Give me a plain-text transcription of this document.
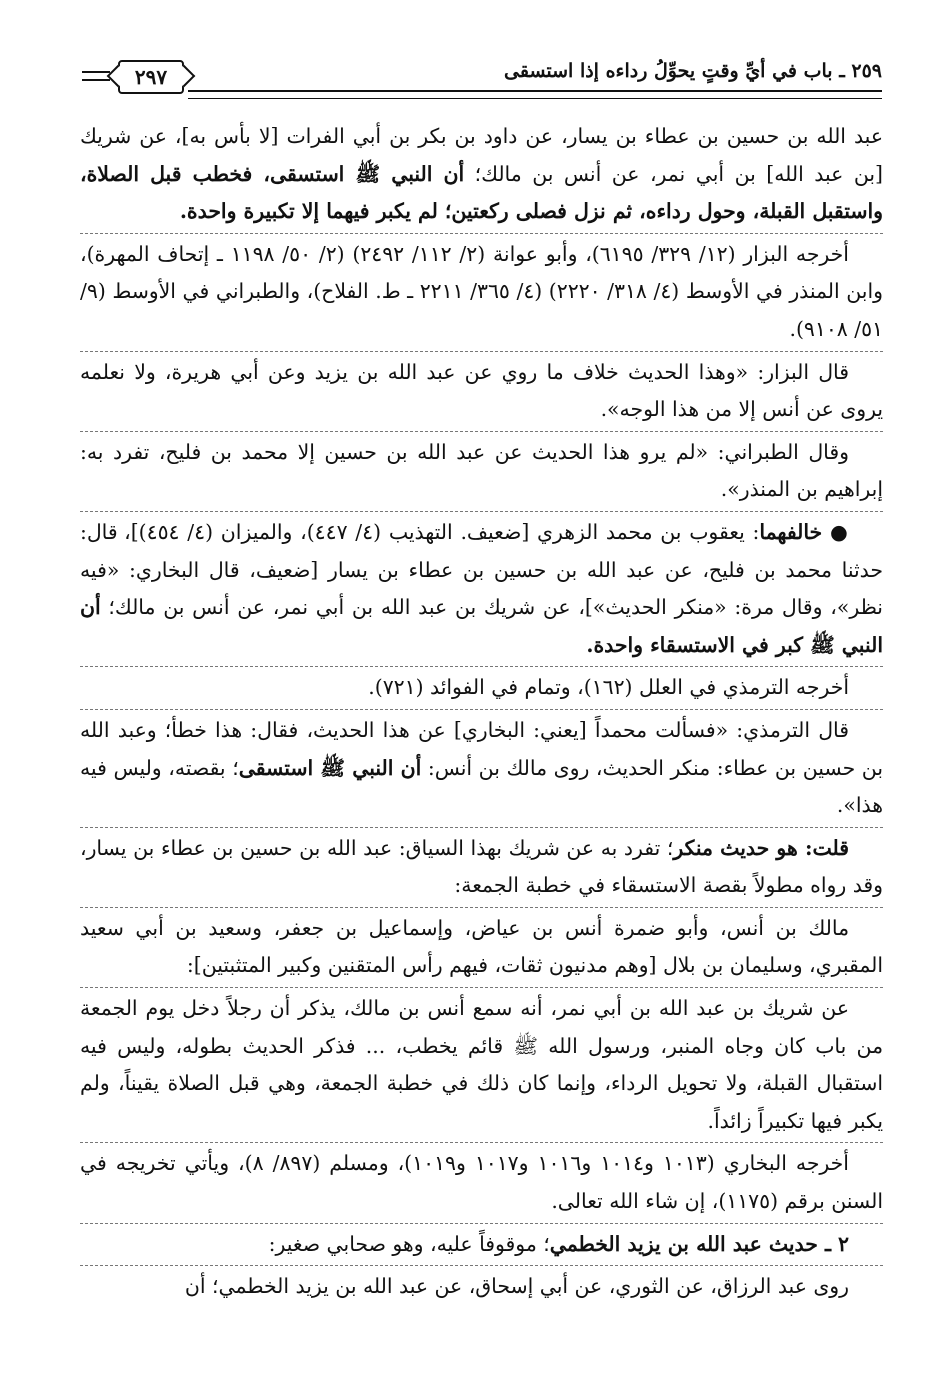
٢٩٧	٢٥٩ ـ باب في أيِّ وقتٍ يحوِّلُ رداءه إذا استسقى

عبد الله بن حسين بن عطاء بن يسار، عن داود بن بكر بن أبي الفرات [لا بأس به]، عن شريك [بن عبد الله] بن أبي نمر، عن أنس بن مالك؛ أن النبي ﷺ استسقى، فخطب قبل الصلاة، واستقبل القبلة، وحول رداءه، ثم نزل فصلى ركعتين؛ لم يكبر فيهما إلا تكبيرة واحدة.

أخرجه البزار (١٢/ ٣٢٩/ ٦١٩٥)، وأبو عوانة (٢/ ١١٢/ ٢٤٩٢) (٢/ ٥٠/ ١١٩٨ ـ إتحاف المهرة)، وابن المنذر في الأوسط (٤/ ٣١٨/ ٢٢٢٠) (٤/ ٣٦٥/ ٢٢١١ ـ ط. الفلاح)، والطبراني في الأوسط (٩/ ٥١/ ٩١٠٨).

قال البزار: «وهذا الحديث خلاف ما روي عن عبد الله بن يزيد وعن أبي هريرة، ولا نعلمه يروى عن أنس إلا من هذا الوجه».

وقال الطبراني: «لم يرو هذا الحديث عن عبد الله بن حسين إلا محمد بن فليح، تفرد به: إبراهيم بن المنذر».

● خالفهما: يعقوب بن محمد الزهري [ضعيف. التهذيب (٤/ ٤٤٧)، والميزان (٤/ ٤٥٤)]، قال: حدثنا محمد بن فليح، عن عبد الله بن حسين بن عطاء بن يسار [ضعيف، قال البخاري: «فيه نظر»، وقال مرة: «منكر الحديث»]، عن شريك بن عبد الله بن أبي نمر، عن أنس بن مالك؛ أن النبي ﷺ كبر في الاستسقاء واحدة.

أخرجه الترمذي في العلل (١٦٢)، وتمام في الفوائد (٧٢١).

قال الترمذي: «فسألت محمداً [يعني: البخاري] عن هذا الحديث، فقال: هذا خطأ؛ وعبد الله بن حسين بن عطاء: منكر الحديث، روى مالك بن أنس: أن النبي ﷺ استسقى؛ بقصته، وليس فيه هذا».

قلت: هو حديث منكر؛ تفرد به عن شريك بهذا السياق: عبد الله بن حسين بن عطاء بن يسار، وقد رواه مطولاً بقصة الاستسقاء في خطبة الجمعة:

مالك بن أنس، وأبو ضمرة أنس بن عياض، وإسماعيل بن جعفر، وسعيد بن أبي سعيد المقبري، وسليمان بن بلال [وهم مدنيون ثقات، فيهم رأس المتقنين وكبير المتثبتين]:

عن شريك بن عبد الله بن أبي نمر، أنه سمع أنس بن مالك، يذكر أن رجلاً دخل يوم الجمعة من باب كان وجاه المنبر، ورسول الله ﷺ قائم يخطب، ... فذكر الحديث بطوله، وليس فيه استقبال القبلة، ولا تحويل الرداء، وإنما كان ذلك في خطبة الجمعة، وهي قبل الصلاة يقيناً، ولم يكبر فيها تكبيراً زائداً.

أخرجه البخاري (١٠١٣ و١٠١٤ و١٠١٦ و١٠١٧ و١٠١٩)، ومسلم (٨٩٧/ ٨)، ويأتي تخريجه في السنن برقم (١١٧٥)، إن شاء الله تعالى.

٢ ـ حديث عبد الله بن يزيد الخطمي؛ موقوفاً عليه، وهو صحابي صغير:

روى عبد الرزاق، عن الثوري، عن أبي إسحاق، عن عبد الله بن يزيد الخطمي؛ أن
